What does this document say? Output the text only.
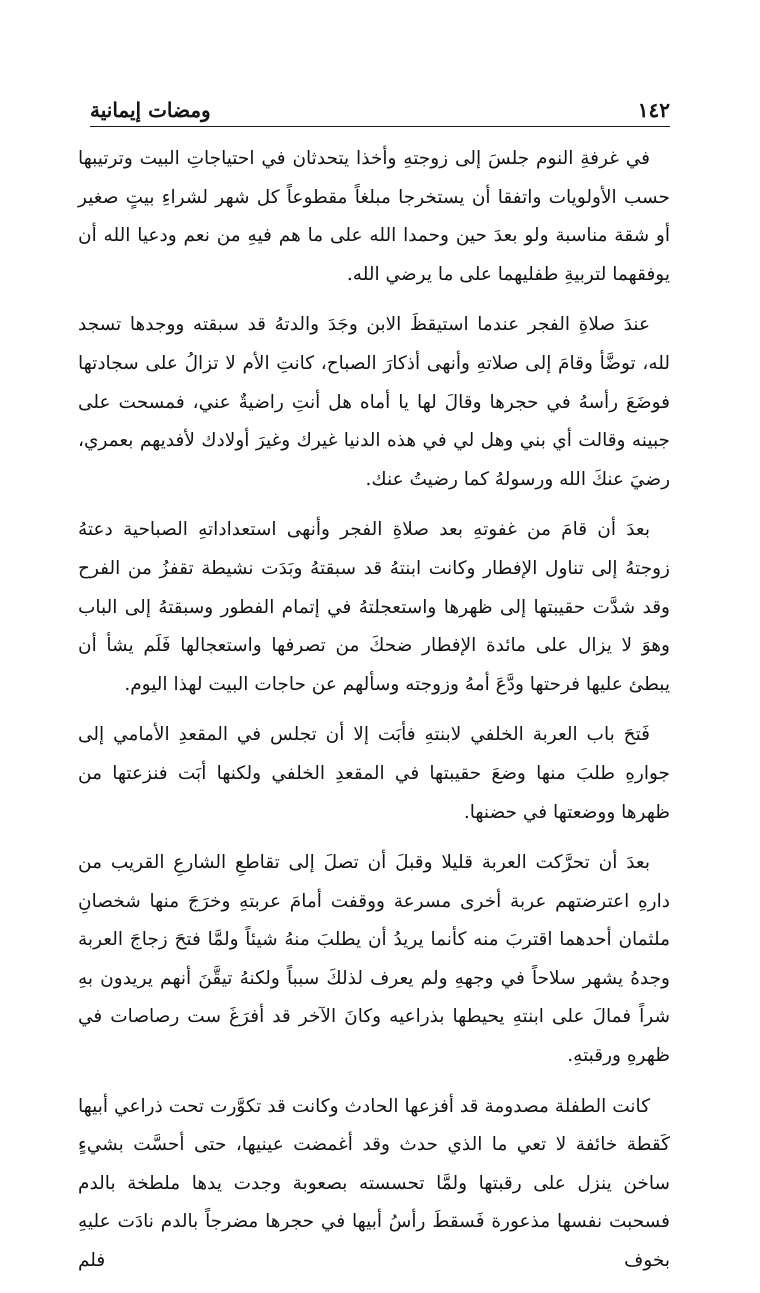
١٤٢
ومضات إيمانية

في غرفةِ النوم جلسَ إلى زوجتهِ وأخذا يتحدثان في احتياجاتِ البيت وترتيبها حسب الأولويات واتفقا أن يستخرجا مبلغاً مقطوعاً كل شهر لشراءِ بيتٍ صغير أو شقة مناسبة ولو بعدَ حين وحمدا الله على ما هم فيهِ من نعم ودعيا الله أن يوفقهما لتربيةِ طفليهما على ما يرضي الله.

عندَ صلاةِ الفجر عندما استيقظَ الابن وجَدَ والدتهُ قد سبقته ووجدها تسجد لله، توضَّأ وقامَ إلى صلاتهِ وأنهى أذكارَ الصباح، كانتِ الأم لا تزالُ على سجادتها فوضَعَ رأسهُ في حجرها وقالَ لها يا أماه هل أنتِ راضيةٌ عني، فمسحت على جبينه وقالت أي بني وهل لي في هذه الدنيا غيرك وغيرَ أولادك لأفديهم بعمري، رضيَ عنكَ الله ورسولهُ كما رضيتُ عنك.

بعدَ أن قامَ من غفوتهِ بعد صلاةِ الفجر وأنهى استعداداتهِ الصباحية دعتهُ زوجتهُ إلى تناول الإفطار وكانت ابنتهُ قد سبقتهُ وبَدَت نشيطة تقفزُ من الفرح وقد شدَّت حقيبتها إلى ظهرها واستعجلتهُ في إتمام الفطور وسبقتهُ إلى الباب وهوَ لا يزال على مائدة الإفطار ضحكَ من تصرفها واستعجالها فَلَم يشأ أن يبطئ عليها فرحتها ودَّعَ أمهُ وزوجته وسألهم عن حاجات البيت لهذا اليوم.

فَتحَ باب العربة الخلفي لابنتهِ فأبَت إلا أن تجلس في المقعدِ الأمامي إلى جوارهِ طلبَ منها وضعَ حقيبتها في المقعدِ الخلفي ولكنها أبَت فنزعتها من ظهرها ووضعتها في حضنها.

بعدَ أن تحرَّكت العربة قليلا وقبلَ أن تصلَ إلى تقاطعِ الشارعِ القريب من دارهِ اعترضتهم عربة أخرى مسرعة ووقفت أمامَ عربتهِ وخرَجَ منها شخصانِ ملثمان أحدهما اقتربَ منه كأنما يريدُ أن يطلبَ منهُ شيئاً ولمَّا فتحَ زجاجَ العربة وجدهُ يشهر سلاحاً في وجههِ ولم يعرف لذلكَ سبباً ولكنهُ تيقَّنَ أنهم يريدون بهِ شراً فمالَ على ابنتهِ يحيطها بذراعيه وكانَ الآخر قد أفرَغَ ست رصاصات في ظهرهِ ورقبتهِ.

كانت الطفلة مصدومة قد أفزعها الحادث وكانت قد تكوَّرت تحت ذراعي أبيها كَقطة خائفة لا تعي ما الذي حدث وقد أغمضت عينيها، حتى أحسَّت بشيءٍ ساخن ينزل على رقبتها ولمَّا تحسسته بصعوبة وجدت يدها ملطخة بالدم فسحبت نفسها مذعورة فَسقطَ رأسُ أبيها في حجرها مضرجاً بالدم نادَت عليهِ بخوف فلم
